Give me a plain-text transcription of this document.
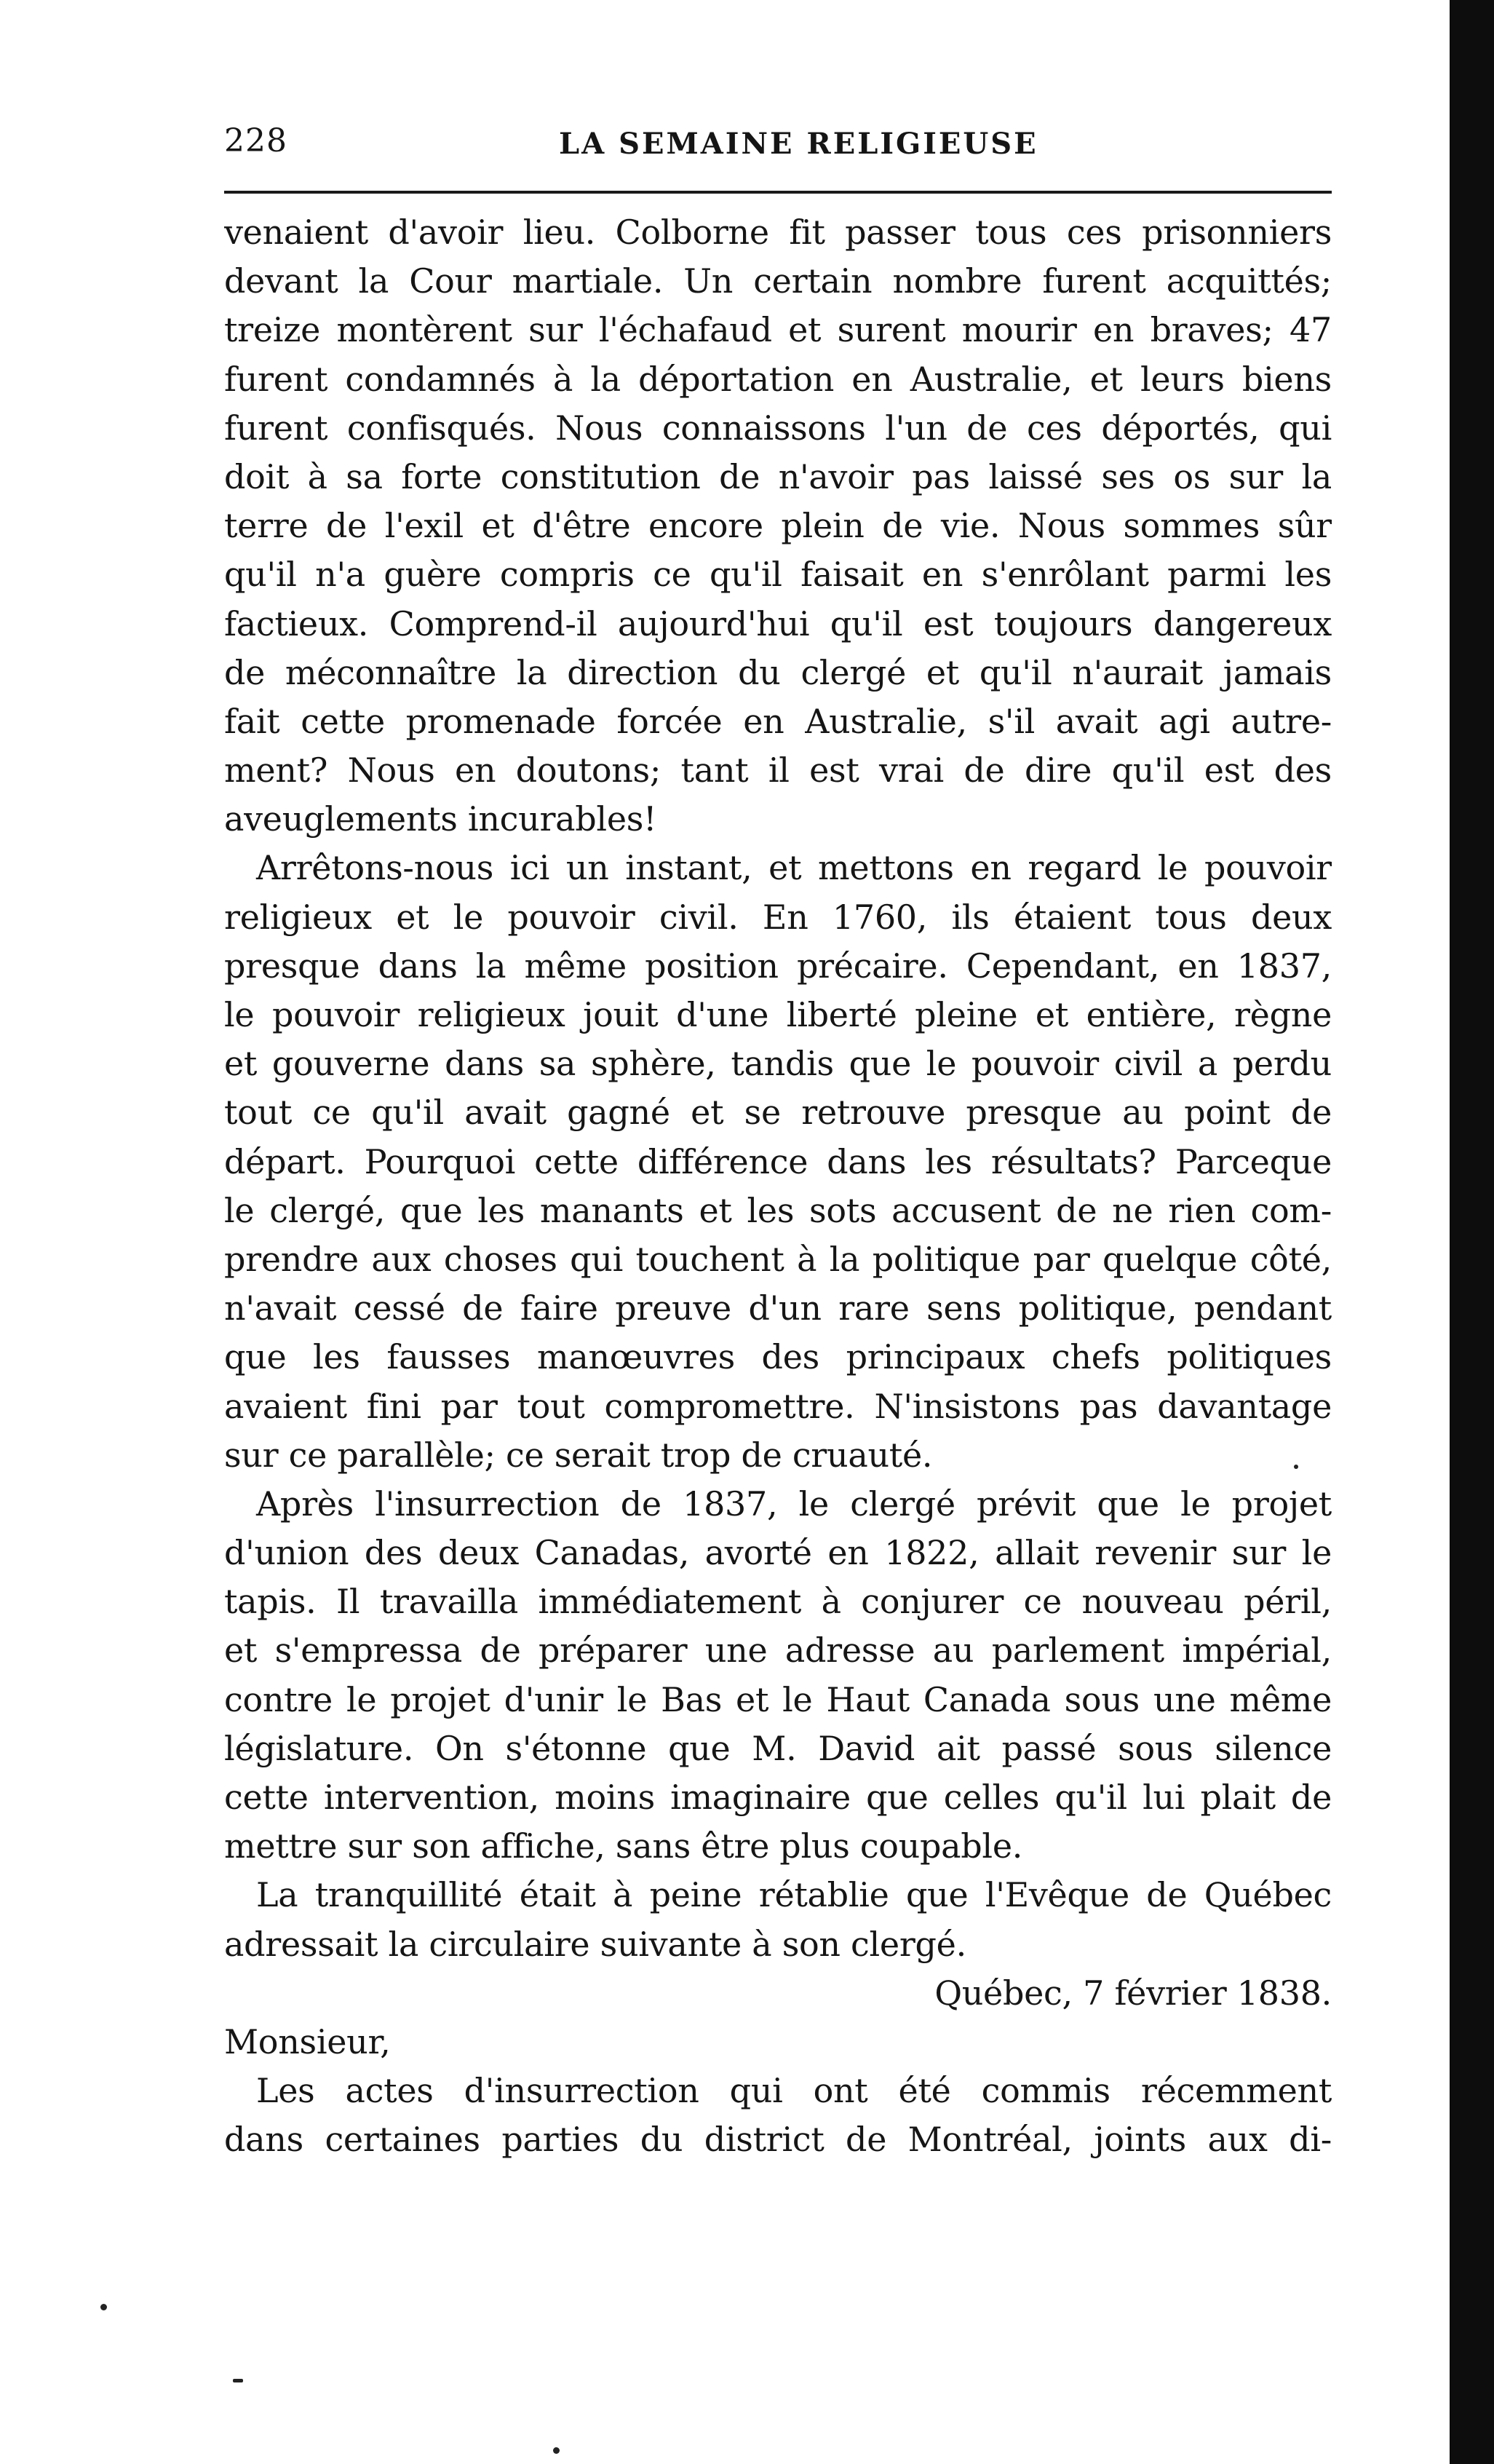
228	LA SEMAINE RELIGIEUSE
venaient d'avoir lieu. Colborne fit passer tous ces prisonniers
devant la Cour martiale. Un certain nombre furent acquittés;
treize montèrent sur l'échafaud et surent mourir en braves; 47
furent condamnés à la déportation en Australie, et leurs biens
furent confisqués. Nous connaissons l'un de ces déportés, qui
doit à sa forte constitution de n'avoir pas laissé ses os sur la
terre de l'exil et d'être encore plein de vie. Nous sommes sûr
qu'il n'a guère compris ce qu'il faisait en s'enrôlant parmi les
factieux. Comprend-il aujourd'hui qu'il est toujours dangereux
de méconnaître la direction du clergé et qu'il n'aurait jamais
fait cette promenade forcée en Australie, s'il avait agi autre-
ment? Nous en doutons; tant il est vrai de dire qu'il est des
aveuglements incurables!
Arrêtons-nous ici un instant, et mettons en regard le pouvoir
religieux et le pouvoir civil. En 1760, ils étaient tous deux
presque dans la même position précaire. Cependant, en 1837,
le pouvoir religieux jouit d'une liberté pleine et entière, règne
et gouverne dans sa sphère, tandis que le pouvoir civil a perdu
tout ce qu'il avait gagné et se retrouve presque au point de
départ. Pourquoi cette différence dans les résultats? Parceque
le clergé, que les manants et les sots accusent de ne rien com-
prendre aux choses qui touchent à la politique par quelque côté,
n'avait cessé de faire preuve d'un rare sens politique, pendant
que les fausses manœuvres des principaux chefs politiques
avaient fini par tout compromettre. N'insistons pas davantage
sur ce parallèle; ce serait trop de cruauté.
Après l'insurrection de 1837, le clergé prévit que le projet
d'union des deux Canadas, avorté en 1822, allait revenir sur le
tapis. Il travailla immédiatement à conjurer ce nouveau péril,
et s'empressa de préparer une adresse au parlement impérial,
contre le projet d'unir le Bas et le Haut Canada sous une même
législature. On s'étonne que M. David ait passé sous silence
cette intervention, moins imaginaire que celles qu'il lui plait de
mettre sur son affiche, sans être plus coupable.
La tranquillité était à peine rétablie que l'Evêque de Québec
adressait la circulaire suivante à son clergé.
Québec, 7 février 1838.
Monsieur,
Les actes d'insurrection qui ont été commis récemment
dans certaines parties du district de Montréal, joints aux di-
